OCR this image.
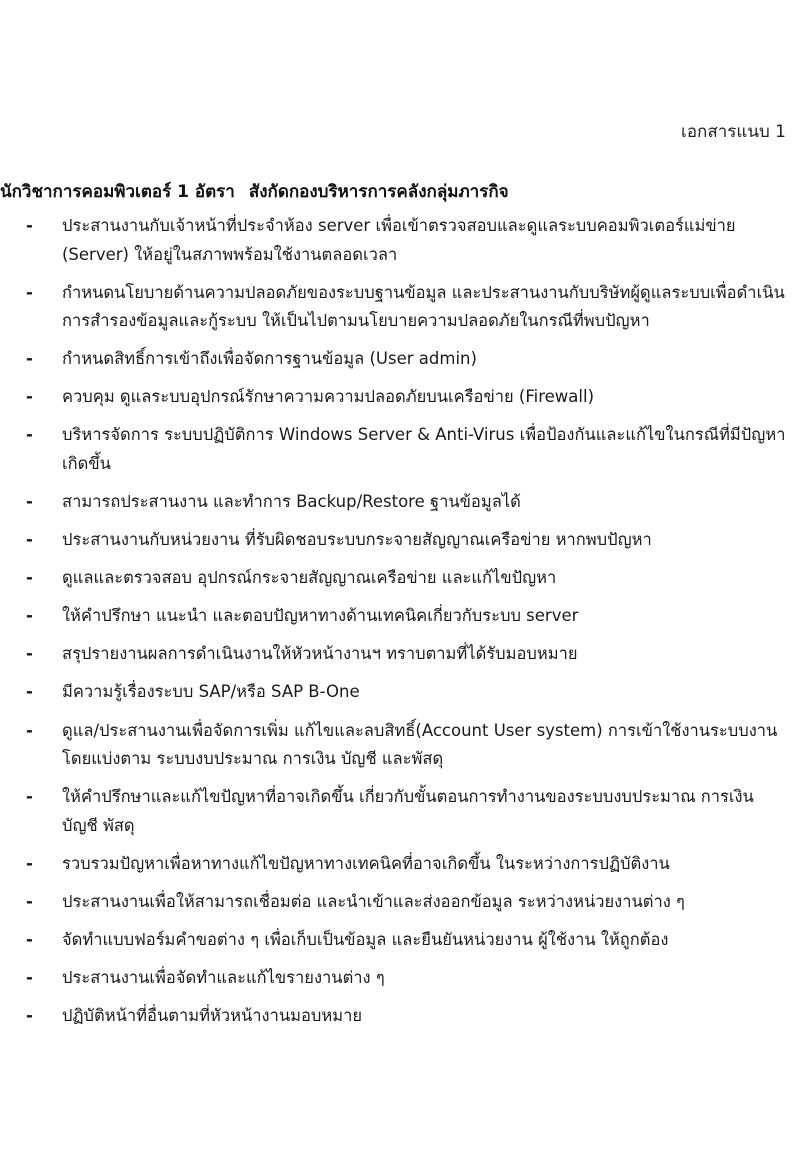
เอกสารแนบ 1
นักวิชาการคอมพิวเตอร์ 1 อัตรา สังกัดกองบริหารการคลังกลุ่มภารกิจ
- ประสานงานกับเจ้าหน้าที่ประจำห้อง server เพื่อเข้าตรวจสอบและดูแลระบบคอมพิวเตอร์แม่ข่าย (Server) ให้อยู่ในสภาพพร้อมใช้งานตลอดเวลา
- กำหนดนโยบายด้านความปลอดภัยของระบบฐานข้อมูล และประสานงานกับบริษัทผู้ดูแลระบบเพื่อดำเนินการสำรองข้อมูลและกู้ระบบ ให้เป็นไปตามนโยบายความปลอดภัยในกรณีที่พบปัญหา
- กำหนดสิทธิ์การเข้าถึงเพื่อจัดการฐานข้อมูล (User admin)
- ควบคุม ดูแลระบบอุปกรณ์รักษาความความปลอดภัยบนเครือข่าย (Firewall)
- บริหารจัดการ ระบบปฏิบัติการ Windows Server & Anti-Virus เพื่อป้องกันและแก้ไขในกรณีที่มีปัญหาเกิดขึ้น
- สามารถประสานงาน และทำการ Backup/Restore ฐานข้อมูลได้
- ประสานงานกับหน่วยงาน ที่รับผิดชอบระบบกระจายสัญญาณเครือข่าย หากพบปัญหา
- ดูแลและตรวจสอบ อุปกรณ์กระจายสัญญาณเครือข่าย และแก้ไขปัญหา
- ให้คำปรึกษา แนะนำ และตอบปัญหาทางด้านเทคนิคเกี่ยวกับระบบ server
- สรุปรายงานผลการดำเนินงานให้หัวหน้างานฯ ทราบตามที่ได้รับมอบหมาย
- มีความรู้เรื่องระบบ SAP/หรือ SAP B-One
- ดูแล/ประสานงานเพื่อจัดการเพิ่ม แก้ไขและลบสิทธิ์(Account User system) การเข้าใช้งานระบบงานโดยแบ่งตาม ระบบงบประมาณ การเงิน บัญชี และพัสดุ
- ให้คำปรึกษาและแก้ไขปัญหาที่อาจเกิดขึ้น เกี่ยวกับขั้นตอนการทำงานของระบบงบประมาณ การเงิน บัญชี พัสดุ
- รวบรวมปัญหาเพื่อหาทางแก้ไขปัญหาทางเทคนิคที่อาจเกิดขึ้น ในระหว่างการปฏิบัติงาน
- ประสานงานเพื่อให้สามารถเชื่อมต่อ และนำเข้าและส่งออกข้อมูล ระหว่างหน่วยงานต่าง ๆ
- จัดทำแบบฟอร์มคำขอต่าง ๆ เพื่อเก็บเป็นข้อมูล และยืนยันหน่วยงาน ผู้ใช้งาน ให้ถูกต้อง
- ประสานงานเพื่อจัดทำและแก้ไขรายงานต่าง ๆ
- ปฏิบัติหน้าที่อื่นตามที่หัวหน้างานมอบหมาย
